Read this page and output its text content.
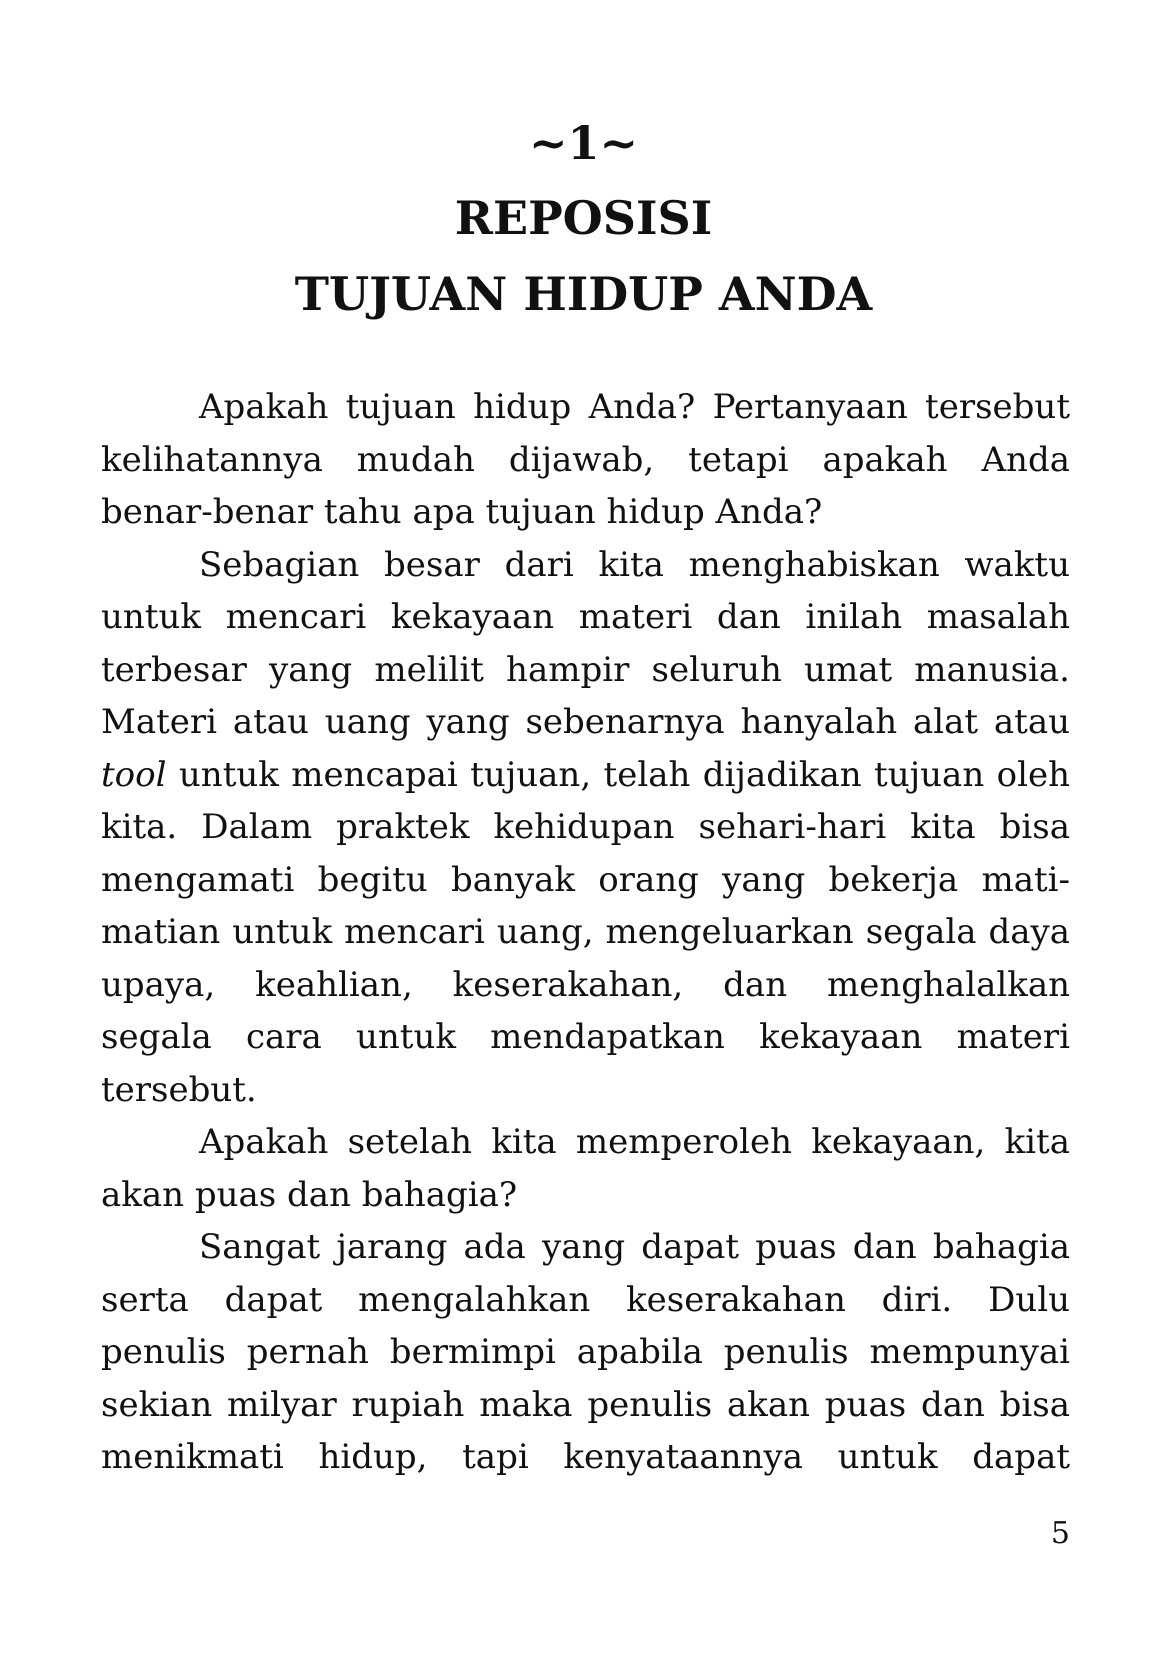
~1~
REPOSISI
TUJUAN HIDUP ANDA

Apakah tujuan hidup Anda? Pertanyaan tersebut kelihatannya mudah dijawab, tetapi apakah Anda benar-benar tahu apa tujuan hidup Anda?

Sebagian besar dari kita menghabiskan waktu untuk mencari kekayaan materi dan inilah masalah terbesar yang melilit hampir seluruh umat manusia. Materi atau uang yang sebenarnya hanyalah alat atau tool untuk mencapai tujuan, telah dijadikan tujuan oleh kita. Dalam praktek kehidupan sehari-hari kita bisa mengamati begitu banyak orang yang bekerja mati-matian untuk mencari uang, mengeluarkan segala daya upaya, keahlian, keserakahan, dan menghalalkan segala cara untuk mendapatkan kekayaan materi tersebut.

Apakah setelah kita memperoleh kekayaan, kita akan puas dan bahagia?

Sangat jarang ada yang dapat puas dan bahagia serta dapat mengalahkan keserakahan diri. Dulu penulis pernah bermimpi apabila penulis mempunyai sekian milyar rupiah maka penulis akan puas dan bisa menikmati hidup, tapi kenyataannya untuk dapat

5
